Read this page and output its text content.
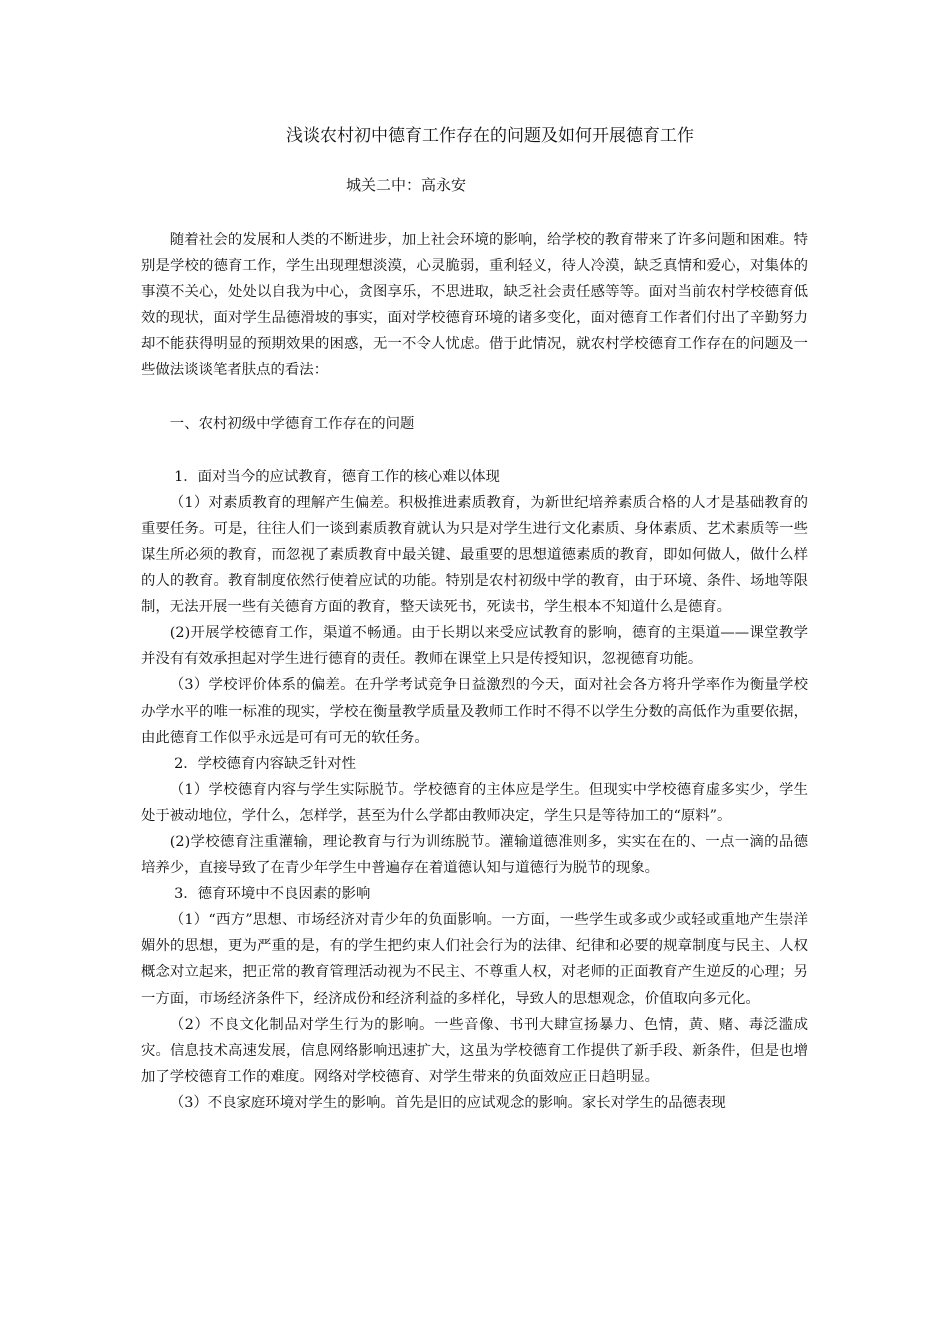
浅谈农村初中德育工作存在的问题及如何开展德育工作
城关二中：高永安

随着社会的发展和人类的不断进步，加上社会环境的影响，给学校的教育带来了许多问题和困难。特别是学校的德育工作，学生出现理想淡漠，心灵脆弱，重利轻义，待人冷漠，缺乏真情和爱心，对集体的事漠不关心，处处以自我为中心，贪图享乐，不思进取，缺乏社会责任感等等。面对当前农村学校德育低效的现状，面对学生品德滑坡的事实，面对学校德育环境的诸多变化，面对德育工作者们付出了辛勤努力却不能获得明显的预期效果的困惑，无一不令人忧虑。借于此情况，就农村学校德育工作存在的问题及一些做法谈谈笔者肤点的看法：

一、农村初级中学德育工作存在的问题

1．面对当今的应试教育，德育工作的核心难以体现

（1）对素质教育的理解产生偏差。积极推进素质教育，为新世纪培养素质合格的人才是基础教育的重要任务。可是，往往人们一谈到素质教育就认为只是对学生进行文化素质、身体素质、艺术素质等一些谋生所必须的教育，而忽视了素质教育中最关键、最重要的思想道德素质的教育，即如何做人，做什么样的人的教育。教育制度依然行使着应试的功能。特别是农村初级中学的教育，由于环境、条件、场地等限制，无法开展一些有关德育方面的教育，整天读死书，死读书，学生根本不知道什么是德育。

(2)开展学校德育工作，渠道不畅通。由于长期以来受应试教育的影响，德育的主渠道——课堂教学并没有有效承担起对学生进行德育的责任。教师在课堂上只是传授知识，忽视德育功能。

（3）学校评价体系的偏差。在升学考试竞争日益激烈的今天，面对社会各方将升学率作为衡量学校办学水平的唯一标准的现实，学校在衡量教学质量及教师工作时不得不以学生分数的高低作为重要依据，由此德育工作似乎永远是可有可无的软任务。

2．学校德育内容缺乏针对性

（1）学校德育内容与学生实际脱节。学校德育的主体应是学生。但现实中学校德育虚多实少，学生处于被动地位，学什么，怎样学，甚至为什么学都由教师决定，学生只是等待加工的“原料”。

(2)学校德育注重灌输，理论教育与行为训练脱节。灌输道德准则多，实实在在的、一点一滴的品德培养少，直接导致了在青少年学生中普遍存在着道德认知与道德行为脱节的现象。

3．德育环境中不良因素的影响

（1）“西方”思想、市场经济对青少年的负面影响。一方面，一些学生或多或少或轻或重地产生崇洋媚外的思想，更为严重的是，有的学生把约束人们社会行为的法律、纪律和必要的规章制度与民主、人权概念对立起来，把正常的教育管理活动视为不民主、不尊重人权，对老师的正面教育产生逆反的心理；另一方面，市场经济条件下，经济成份和经济利益的多样化，导致人的思想观念，价值取向多元化。

（2）不良文化制品对学生行为的影响。一些音像、书刊大肆宣扬暴力、色情，黄、赌、毒泛滥成灾。信息技术高速发展，信息网络影响迅速扩大，这虽为学校德育工作提供了新手段、新条件，但是也增加了学校德育工作的难度。网络对学校德育、对学生带来的负面效应正日趋明显。

（3）不良家庭环境对学生的影响。首先是旧的应试观念的影响。家长对学生的品德表现
